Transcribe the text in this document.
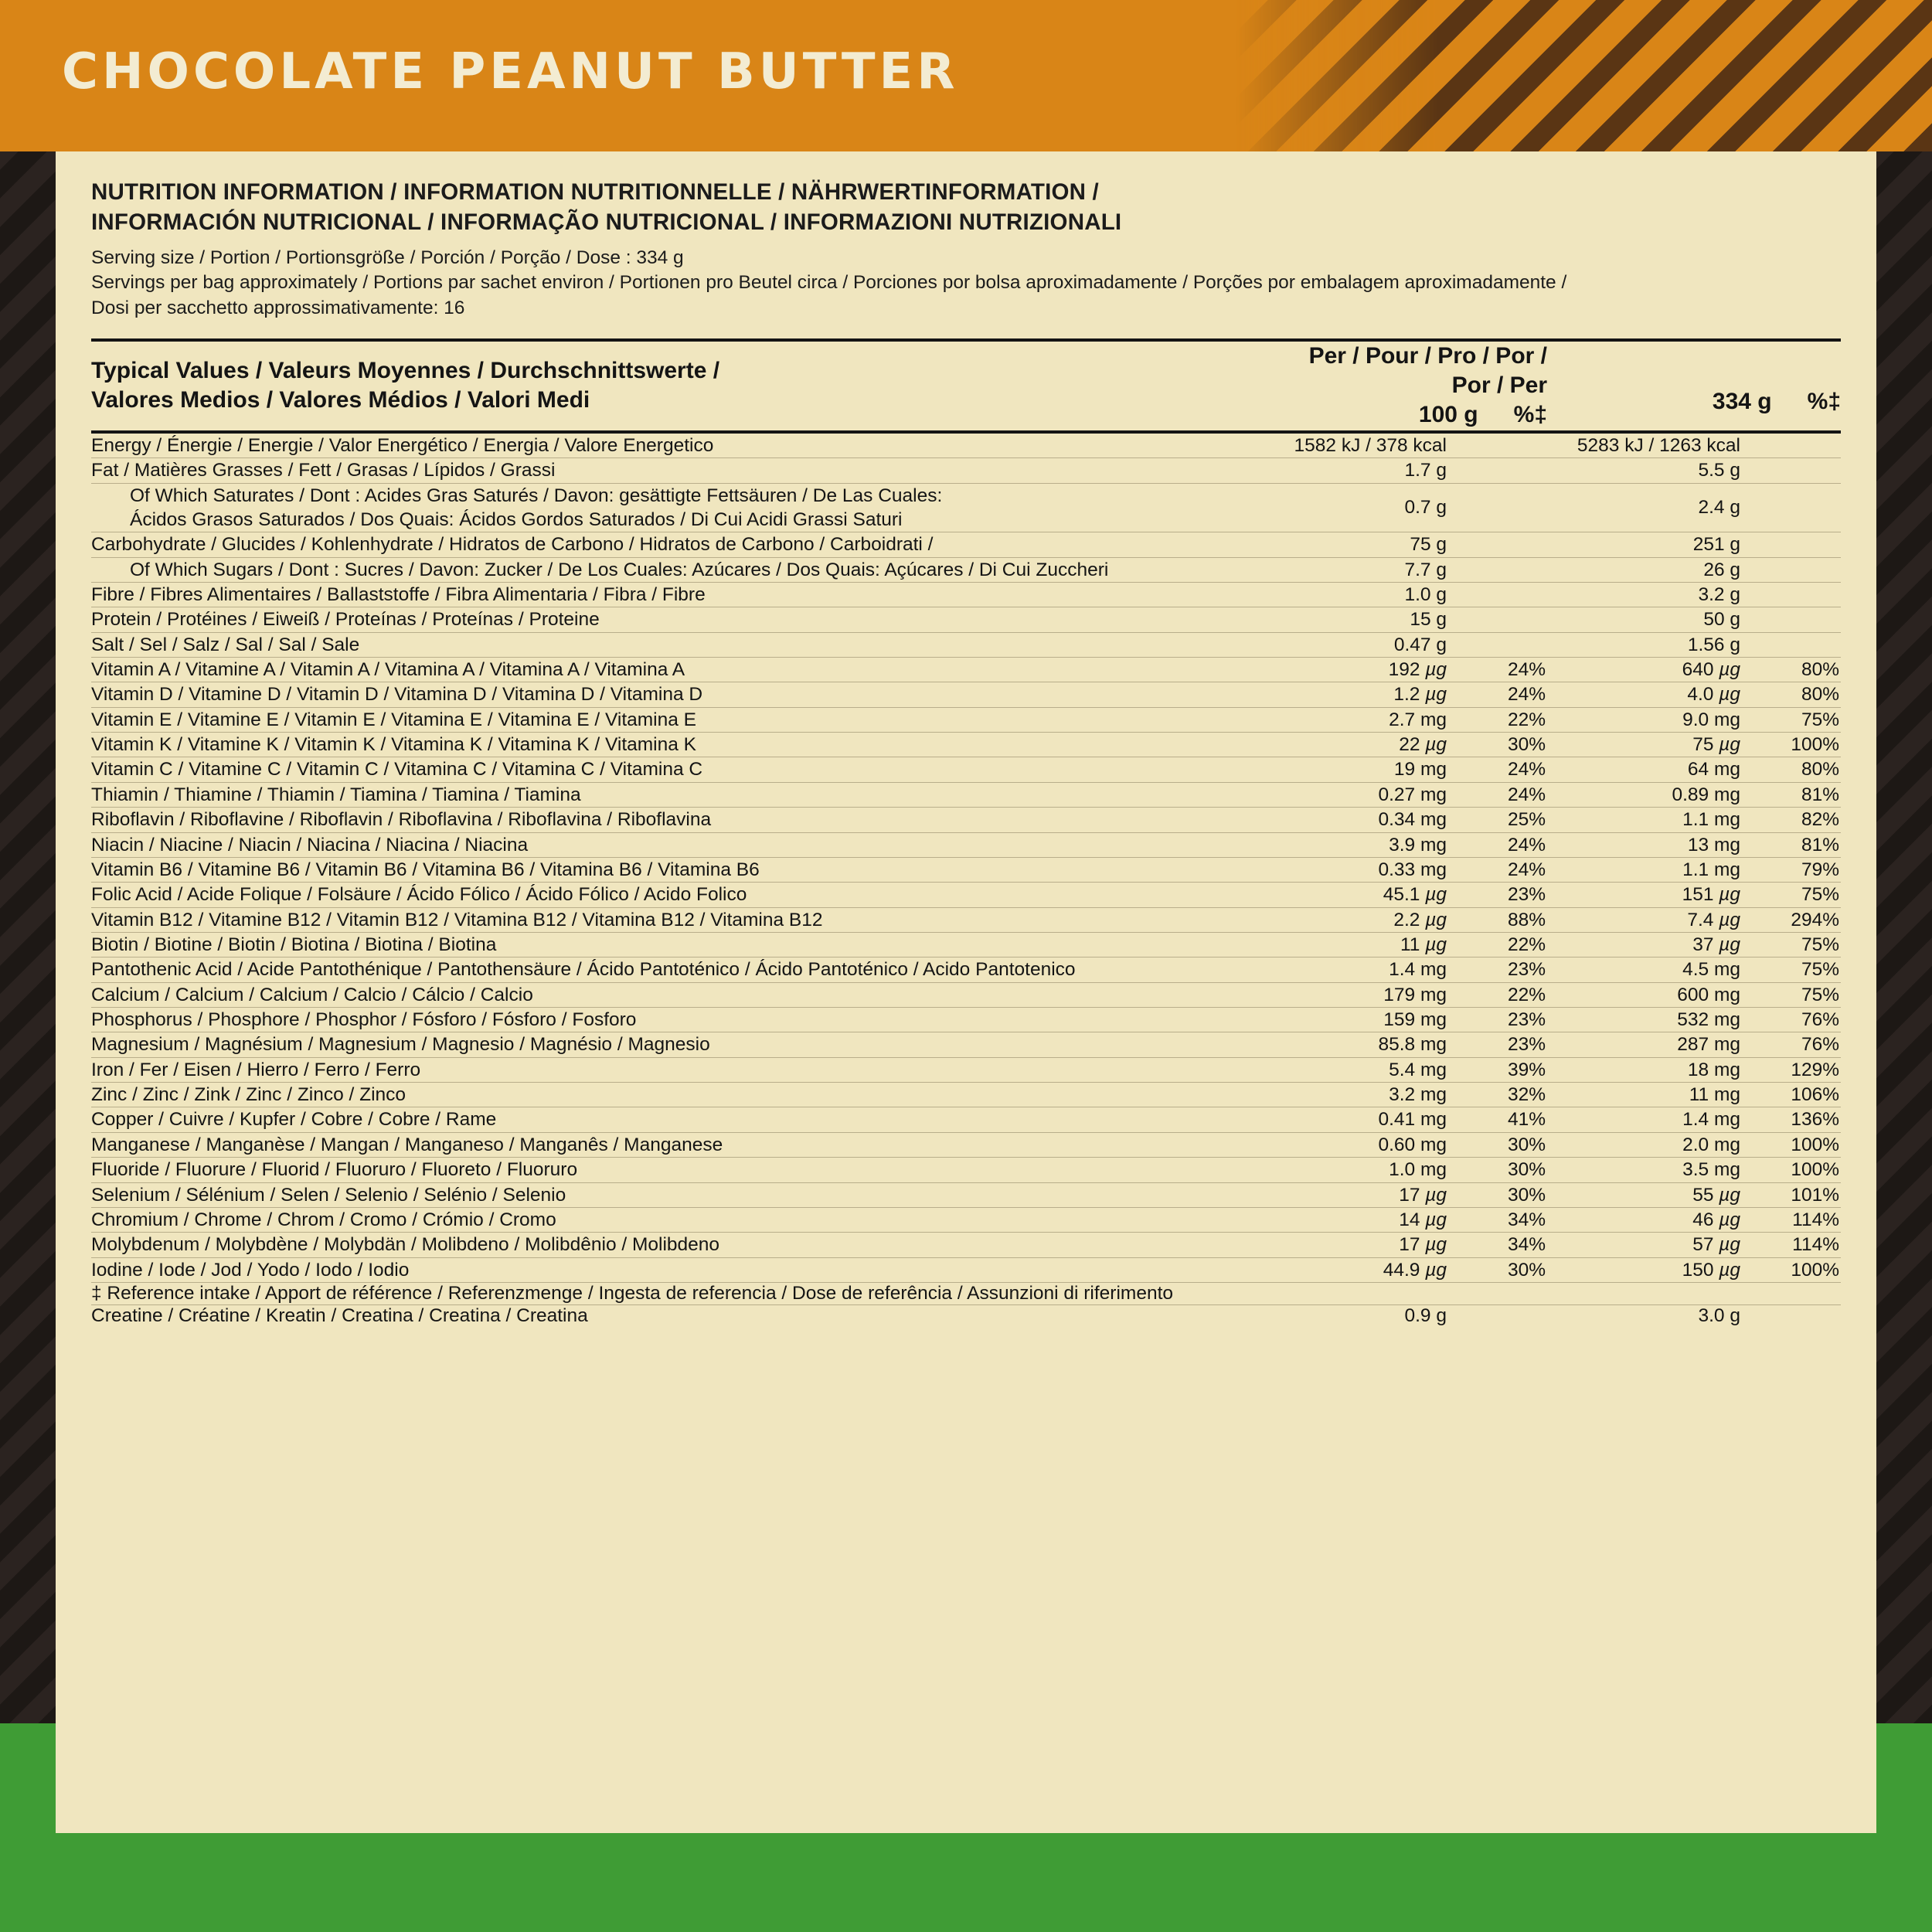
CHOCOLATE PEANUT BUTTER
NUTRITION INFORMATION / INFORMATION NUTRITIONNELLE / NÄHRWERTINFORMATION /
INFORMACIÓN NUTRICIONAL / INFORMAÇÃO NUTRICIONAL / INFORMAZIONI NUTRIZIONALI
Serving size / Portion / Portionsgröße / Porción / Porção / Dose : 334 g
Servings per bag approximately / Portions par sachet environ / Portionen pro Beutel circa / Porciones por bolsa aproximadamente / Porções por embalagem aproximadamente /
Dosi per sacchetto approssimativamente: 16
Typical Values / Valeurs Moyennes / Durchschnittswerte /
Valores Medios / Valores Médios / Valori Medi

Per / Pour / Pro / Por / Por / Per
100 g %‡

334 g %‡

Energy / Énergie / Energie / Valor Energético / Energia / Valore Energetico	1582 kJ / 378 kcal		5283 kJ / 1263 kcal	

Fat / Matières Grasses / Fett / Grasas / Lípidos / Grassi	1.7 g		5.5 g	

Of Which Saturates / Dont : Acides Gras Saturés / Davon: gesättigte Fettsäuren / De Las Cuales:
Ácidos Grasos Saturados / Dos Quais: Ácidos Gordos Saturados / Di Cui Acidi Grassi Saturi	0.7 g		2.4 g	

Carbohydrate / Glucides / Kohlenhydrate / Hidratos de Carbono / Hidratos de Carbono / Carboidrati /	75 g		251 g	

Of Which Sugars / Dont : Sucres / Davon: Zucker / De Los Cuales: Azúcares / Dos Quais: Açúcares / Di Cui Zuccheri	7.7 g		26 g	

Fibre / Fibres Alimentaires / Ballaststoffe / Fibra Alimentaria / Fibra / Fibre	1.0 g		3.2 g	

Protein / Protéines / Eiweiß / Proteínas / Proteínas / Proteine	15 g		50 g	

Salt / Sel / Salz / Sal / Sal / Sale	0.47 g		1.56 g	

Vitamin A / Vitamine A / Vitamin A / Vitamina A / Vitamina A / Vitamina A	192 µg	24%	640 µg	80%

Vitamin D / Vitamine D / Vitamin D / Vitamina D / Vitamina D / Vitamina D	1.2 µg	24%	4.0 µg	80%

Vitamin E / Vitamine E / Vitamin E / Vitamina E / Vitamina E / Vitamina E	2.7 mg	22%	9.0 mg	75%

Vitamin K / Vitamine K / Vitamin K / Vitamina K / Vitamina K / Vitamina K	22 µg	30%	75 µg	100%

Vitamin C / Vitamine C / Vitamin C / Vitamina C / Vitamina C / Vitamina C	19 mg	24%	64 mg	80%

Thiamin / Thiamine / Thiamin / Tiamina / Tiamina / Tiamina	0.27 mg	24%	0.89 mg	81%

Riboflavin / Riboflavine / Riboflavin / Riboflavina / Riboflavina / Riboflavina	0.34 mg	25%	1.1 mg	82%

Niacin / Niacine / Niacin / Niacina / Niacina / Niacina	3.9 mg	24%	13 mg	81%

Vitamin B6 / Vitamine B6 / Vitamin B6 / Vitamina B6 / Vitamina B6 / Vitamina B6	0.33 mg	24%	1.1 mg	79%

Folic Acid / Acide Folique / Folsäure / Ácido Fólico / Ácido Fólico / Acido Folico	45.1 µg	23%	151 µg	75%

Vitamin B12 / Vitamine B12 / Vitamin B12 / Vitamina B12 / Vitamina B12 / Vitamina B12	2.2 µg	88%	7.4 µg	294%

Biotin / Biotine / Biotin / Biotina / Biotina / Biotina	11 µg	22%	37 µg	75%

Pantothenic Acid / Acide Pantothénique / Pantothensäure / Ácido Pantoténico / Ácido Pantoténico / Acido Pantotenico	1.4 mg	23%	4.5 mg	75%

Calcium / Calcium / Calcium / Calcio / Cálcio / Calcio	179 mg	22%	600 mg	75%

Phosphorus / Phosphore / Phosphor / Fósforo / Fósforo / Fosforo	159 mg	23%	532 mg	76%

Magnesium / Magnésium / Magnesium / Magnesio / Magnésio / Magnesio	85.8 mg	23%	287 mg	76%

Iron / Fer / Eisen / Hierro / Ferro / Ferro	5.4 mg	39%	18 mg	129%

Zinc / Zinc / Zink / Zinc / Zinco / Zinco	3.2 mg	32%	11 mg	106%

Copper / Cuivre / Kupfer / Cobre / Cobre / Rame	0.41 mg	41%	1.4 mg	136%

Manganese / Manganèse / Mangan / Manganeso / Manganês / Manganese	0.60 mg	30%	2.0 mg	100%

Fluoride / Fluorure / Fluorid / Fluoruro / Fluoreto / Fluoruro	1.0 mg	30%	3.5 mg	100%

Selenium / Sélénium / Selen / Selenio / Selénio / Selenio	17 µg	30%	55 µg	101%

Chromium / Chrome / Chrom / Cromo / Crómio / Cromo	14 µg	34%	46 µg	114%

Molybdenum / Molybdène / Molybdän / Molibdeno / Molibdênio / Molibdeno	17 µg	34%	57 µg	114%

Iodine / Iode / Jod / Yodo / Iodo / Iodio	44.9 µg	30%	150 µg	100%
‡ Reference intake / Apport de référence / Referenzmenge / Ingesta de referencia / Dose de referência / Assunzioni di riferimento				
Creatine / Créatine / Kreatin / Creatina / Creatina / Creatina	0.9 g		3.0 g	
